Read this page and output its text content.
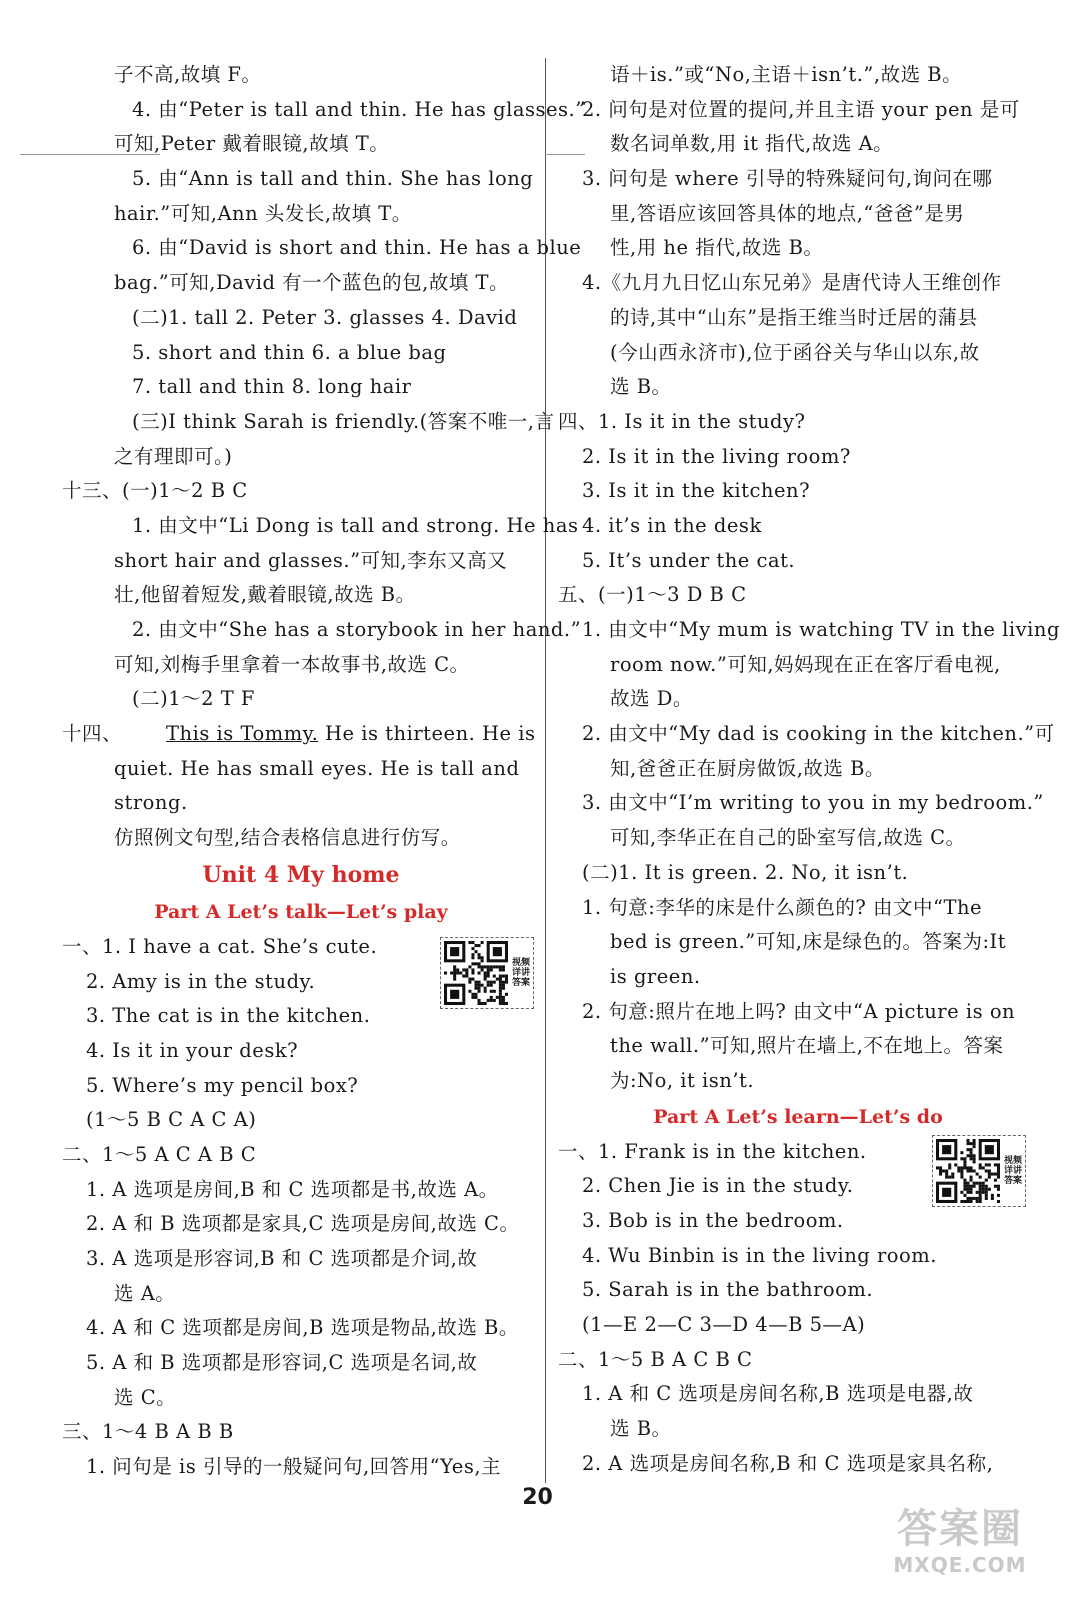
子不高,故填 F。
4. 由“Peter is tall and thin. He has glasses.”
可知,Peter 戴着眼镜,故填 T。
5. 由“Ann is tall and thin. She has long
hair.”可知,Ann 头发长,故填 T。
6. 由“David is short and thin. He has a blue
bag.”可知,David 有一个蓝色的包,故填 T。
(二)1. tall 2. Peter 3. glasses 4. David
5. short and thin 6. a blue bag
7. tall and thin 8. long hair
(三)I think Sarah is friendly.(答案不唯一,言
之有理即可。)
十三、(一)1～2 B C
1. 由文中“Li Dong is tall and strong. He has
short hair and glasses.”可知,李东又高又
壮,他留着短发,戴着眼镜,故选 B。
2. 由文中“She has a storybook in her hand.”
可知,刘梅手里拿着一本故事书,故选 C。
(二)1～2 T F
十四、 This is Tommy. He is thirteen. He is
quiet. He has small eyes. He is tall and
strong.
仿照例文句型,结合表格信息进行仿写。
Unit 4 My home
Part A Let’s talk—Let’s play
一、1. I have a cat. She’s cute.
2. Amy is in the study.
3. The cat is in the kitchen.
4. Is it in your desk?
5. Where’s my pencil box?
(1～5 B C A C A)
二、1～5 A C A B C
1. A 选项是房间,B 和 C 选项都是书,故选 A。
2. A 和 B 选项都是家具,C 选项是房间,故选 C。
3. A 选项是形容词,B 和 C 选项都是介词,故
选 A。
4. A 和 C 选项都是房间,B 选项是物品,故选 B。
5. A 和 B 选项都是形容词,C 选项是名词,故
选 C。
三、1～4 B A B B
1. 问句是 is 引导的一般疑问句,回答用“Yes,主
语＋is.”或“No,主语＋isn’t.”,故选 B。
2. 问句是对位置的提问,并且主语 your pen 是可
数名词单数,用 it 指代,故选 A。
3. 问句是 where 引导的特殊疑问句,询问在哪
里,答语应该回答具体的地点,“爸爸”是男
性,用 he 指代,故选 B。
4.《九月九日忆山东兄弟》是唐代诗人王维创作
的诗,其中“山东”是指王维当时迁居的蒲县
(今山西永济市),位于函谷关与华山以东,故
选 B。
四、1. Is it in the study?
2. Is it in the living room?
3. Is it in the kitchen?
4. it’s in the desk
5. It’s under the cat.
五、(一)1～3 D B C
1. 由文中“My mum is watching TV in the living
room now.”可知,妈妈现在正在客厅看电视,
故选 D。
2. 由文中“My dad is cooking in the kitchen.”可
知,爸爸正在厨房做饭,故选 B。
3. 由文中“I’m writing to you in my bedroom.”
可知,李华正在自己的卧室写信,故选 C。
(二)1. It is green. 2. No, it isn’t.
1. 句意:李华的床是什么颜色的? 由文中“The
bed is green.”可知,床是绿色的。答案为:It
is green.
2. 句意:照片在地上吗? 由文中“A picture is on
the wall.”可知,照片在墙上,不在地上。答案
为:No, it isn’t.
Part A Let’s learn—Let’s do
一、1. Frank is in the kitchen.
2. Chen Jie is in the study.
3. Bob is in the bedroom.
4. Wu Binbin is in the living room.
5. Sarah is in the bathroom.
(1—E 2—C 3—D 4—B 5—A)
二、1～5 B A C B C
1. A 和 C 选项是房间名称,B 选项是电器,故
选 B。
2. A 选项是房间名称,B 和 C 选项是家具名称,
视频详讲答案
视频详讲答案
20
答案圈
MXQE.COM
